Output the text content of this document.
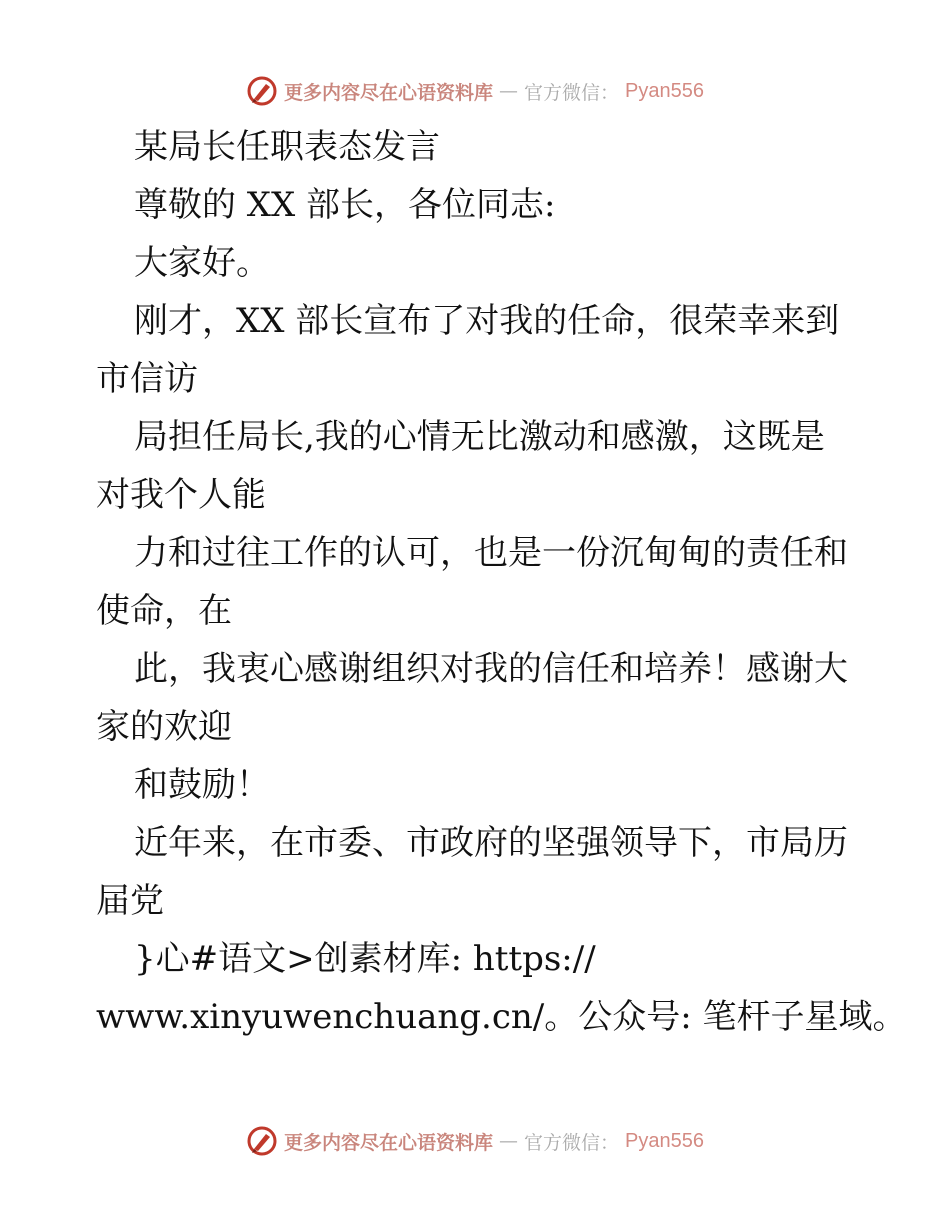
更多内容尽在心语资料库 — 官方微信： Pyan556
某局长任职表态发言
尊敬的 XX 部长，各位同志:
大家好。
刚才，XX 部长宣布了对我的任命，很荣幸来到
市信访
局担任局长,我的心情无比激动和感激，这既是
对我个人能
力和过往工作的认可，也是一份沉甸甸的责任和
使命，在
此，我衷心感谢组织对我的信任和培养！感谢大
家的欢迎
和鼓励！
近年来，在市委、市政府的坚强领导下，市局历
届党
}心#语文>创素材库: https://
www.xinyuwenchuang.cn/。公众号: 笔杆子星域。
更多内容尽在心语资料库 — 官方微信： Pyan556
